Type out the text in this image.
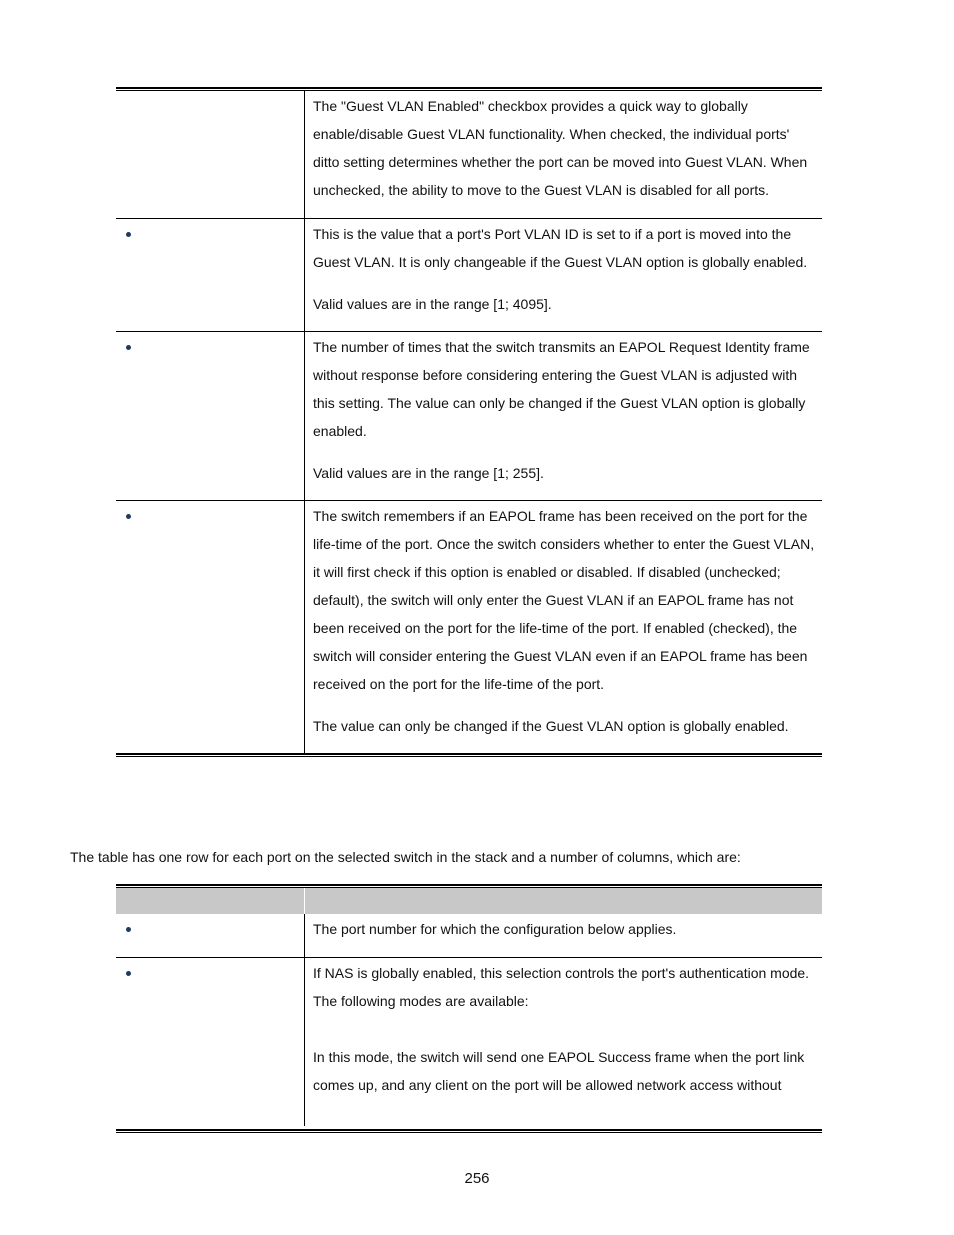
	The "Guest VLAN Enabled" checkbox provides a quick way to globally enable/disable Guest VLAN functionality. When checked, the individual ports' ditto setting determines whether the port can be moved into Guest VLAN. When unchecked, the ability to move to the Guest VLAN is disabled for all ports.

	This is the value that a port's Port VLAN ID is set to if a port is moved into the Guest VLAN. It is only changeable if the Guest VLAN option is globally enabled.

Valid values are in the range [1; 4095].

	The number of times that the switch transmits an EAPOL Request Identity frame without response before considering entering the Guest VLAN is adjusted with this setting. The value can only be changed if the Guest VLAN option is globally enabled.

Valid values are in the range [1; 255].

	The switch remembers if an EAPOL frame has been received on the port for the life-time of the port. Once the switch considers whether to enter the Guest VLAN, it will first check if this option is enabled or disabled. If disabled (unchecked; default), the switch will only enter the Guest VLAN if an EAPOL frame has not been received on the port for the life-time of the port. If enabled (checked), the switch will consider entering the Guest VLAN even if an EAPOL frame has been received on the port for the life-time of the port.

The value can only be changed if the Guest VLAN option is globally enabled.

The table has one row for each port on the selected switch in the stack and a number of columns, which are:

	The port number for which the configuration below applies.

	If NAS is globally enabled, this selection controls the port's authentication mode. The following modes are available:

In this mode, the switch will send one EAPOL Success frame when the port link comes up, and any client on the port will be allowed network access without

256
